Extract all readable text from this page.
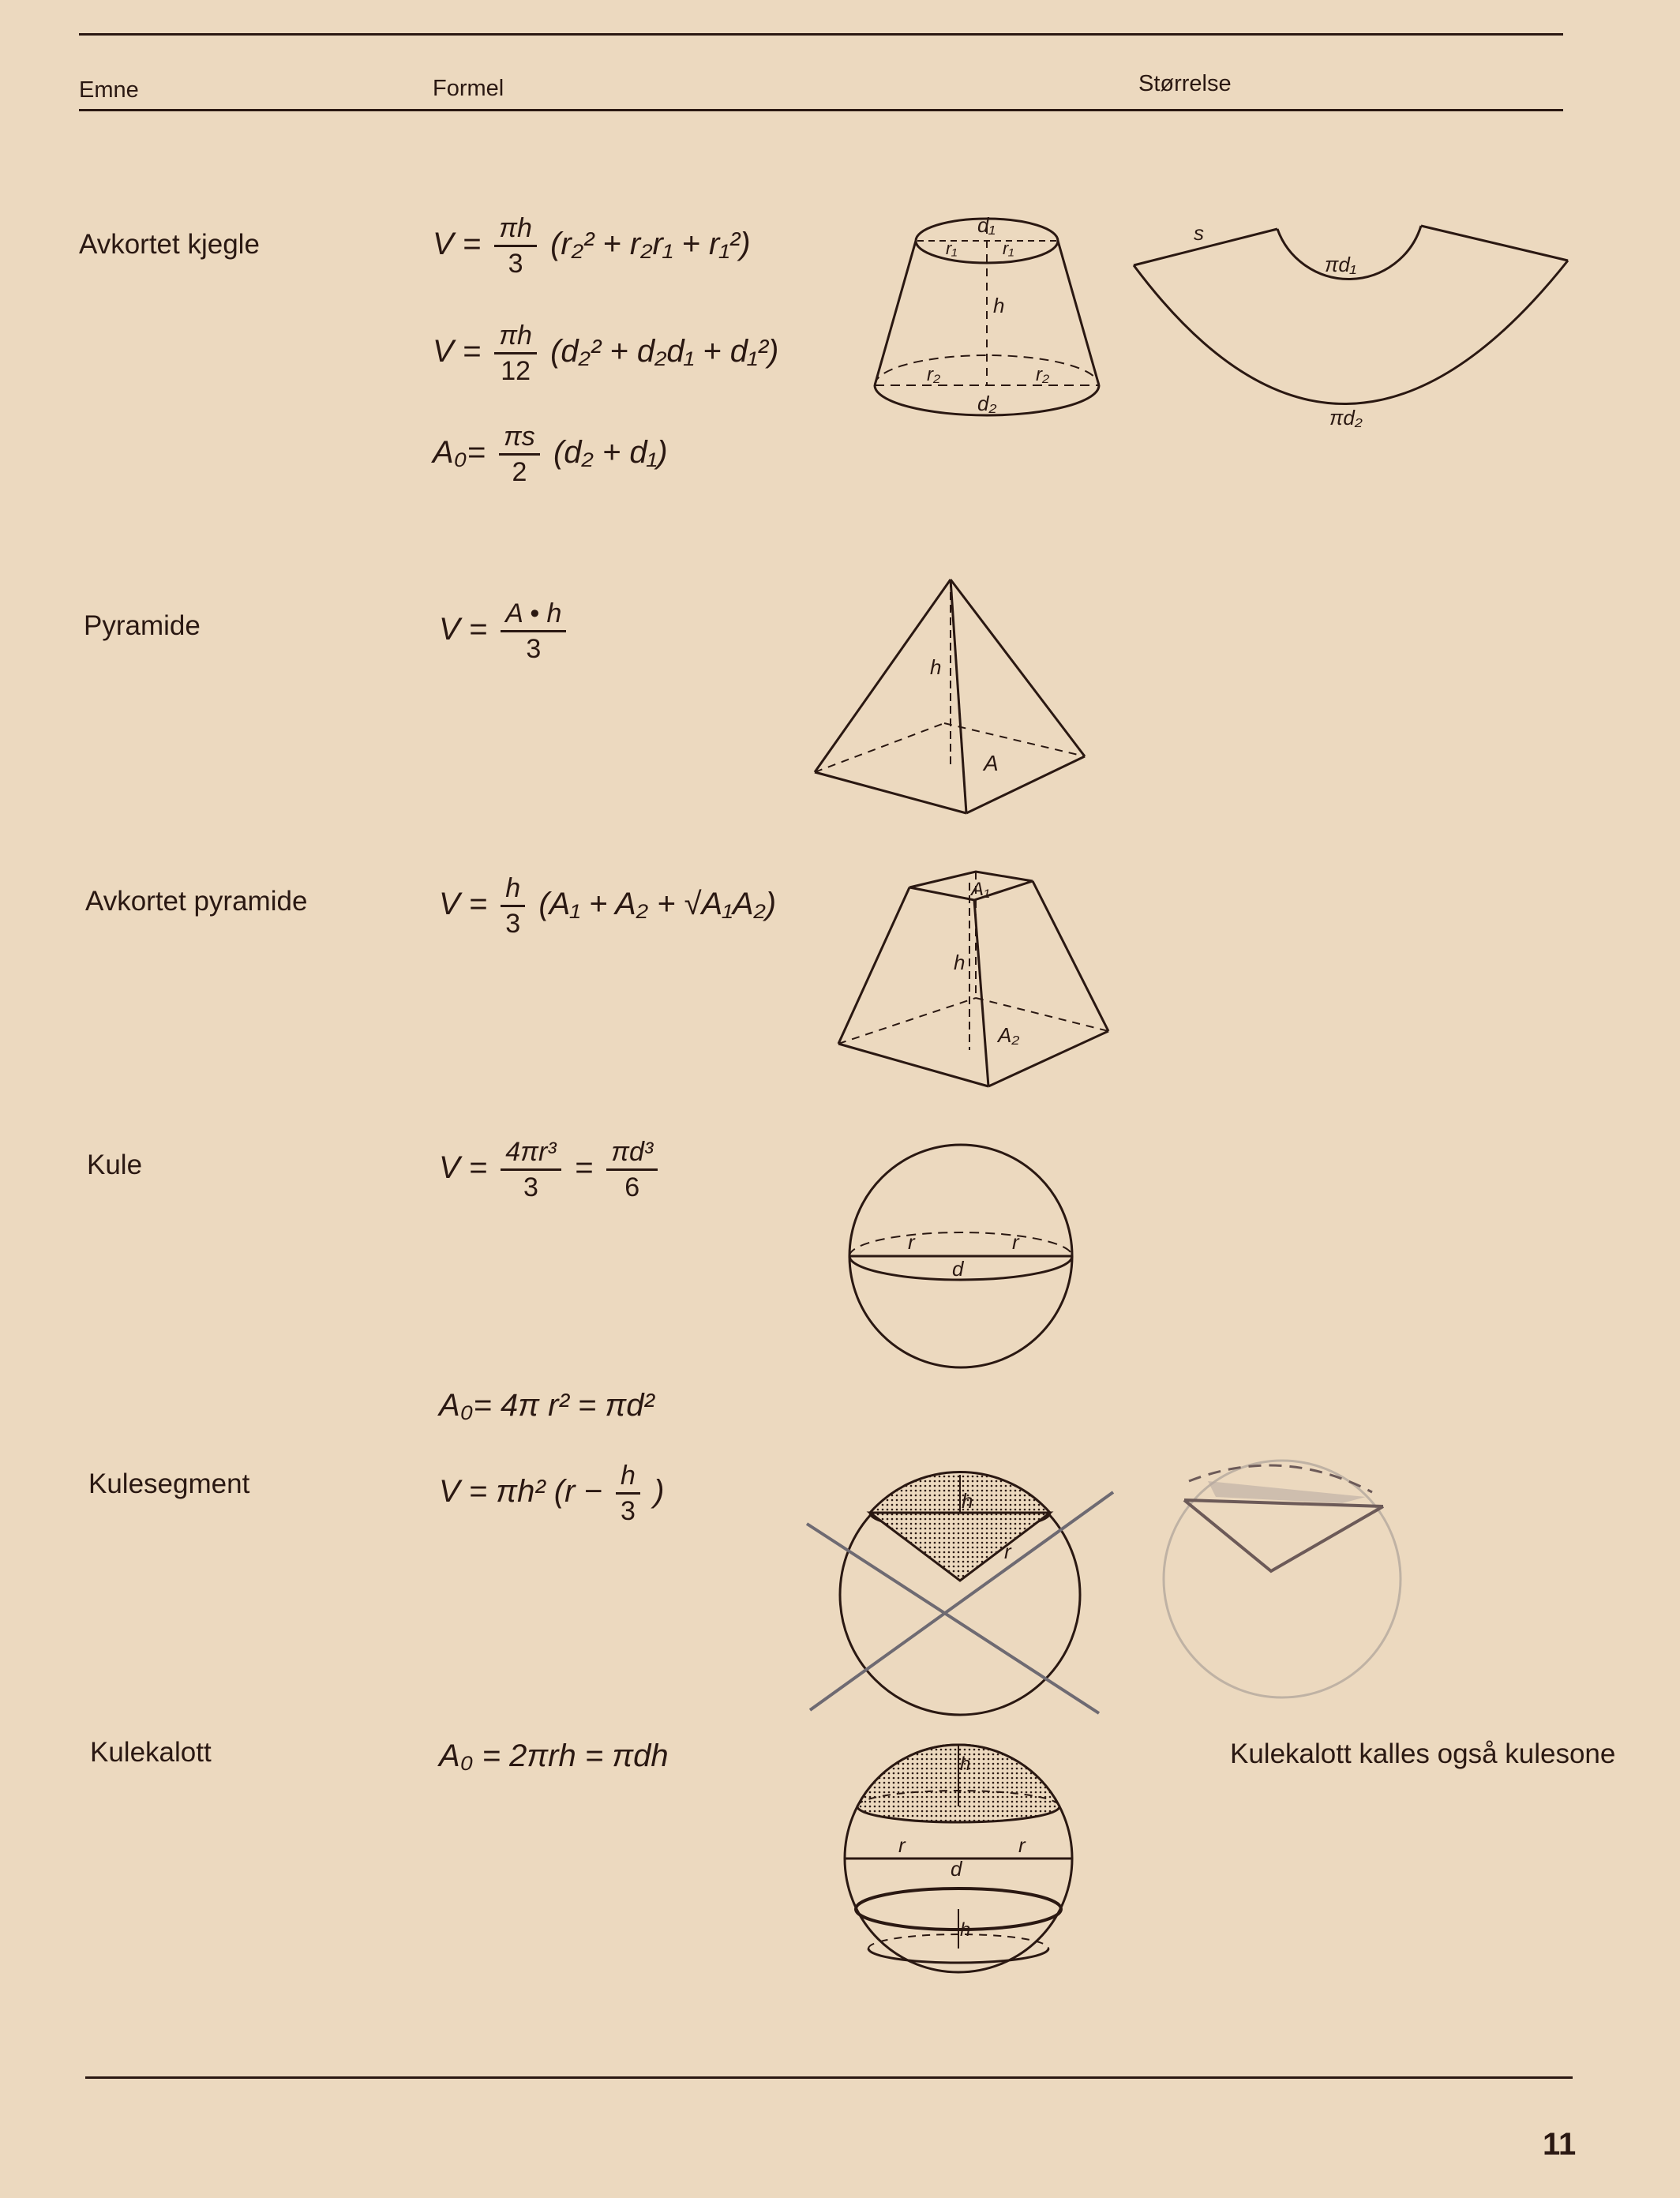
Emne	Formel	Størrelse
Avkortet kjegle	$V = \frac{\pi h}{3} (r_2^2 + r_2r_1 + r_1^2)$
$V = \frac{\pi h}{12} (d_2^2 + d_2d_1 + d_1^2)$
$A_0= \frac{\pi s}{2} (d_2 + d_1)$
d₁
r₁	r₁
h
r₂	r₂
d₂
s
πd₁
πd₂
Pyramide	$V = \frac{A • h}{3}$
h
A
Avkortet pyramide	$V = \frac{h}{3} (A_1 + A_2 + √A_1A_2)$	A₁
h
A₂
Kule	$V = \frac{\text{4πr³}}{3} = \frac{\text{πd³}}{6}$
r	r
d
A₀= 4π r² = πd²
Kulesegment	V = πh² ($r - \frac{h}{3}$ )	h
r
Kulekalott	A₀ = 2πrh = πdh	Kulekalott kalles også kulesone
h
r	r
d
h
11
